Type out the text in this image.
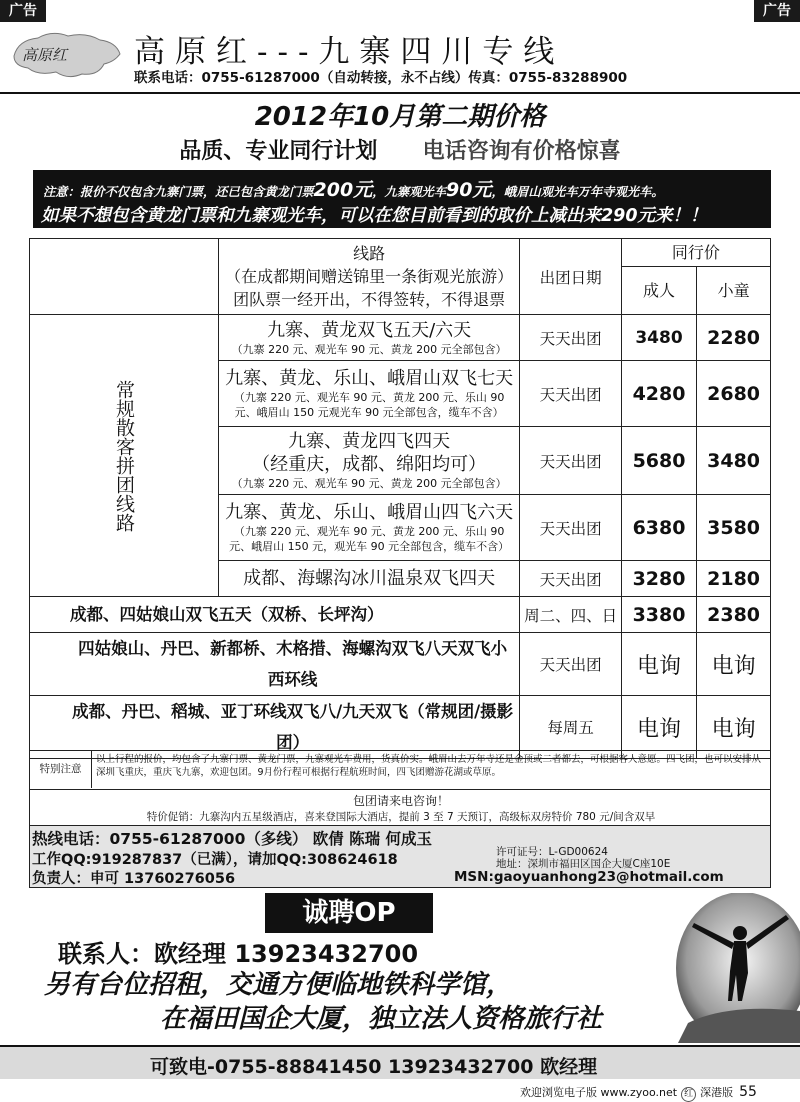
广告	广告
高原红 高原红---九寨四川专线
联系电话：0755-61287000（自动转接，永不占线）传真：0755-83288900
2012年10月第二期价格
品质、专业同行计划 电话咨询有价格惊喜
注意：报价不仅包含九寨门票，还已包含黄龙门票200元，九寨观光车90元，峨眉山观光车万年寺观光车。
如果不想包含黄龙门票和九寨观光车，可以在您目前看到的取价上减出来290元来！！

	线路
（在成都期间赠送锦里一条街观光旅游）
团队票一经开出，不得签转，不得退票	出团日期	同行价	
			成人	小童

常规散客拼团线路	九寨、黄龙双飞五天/六天
（九寨 220 元、观光车 90 元、黄龙 200 元全部包含）	天天出团	3480	2280

	九寨、黄龙、乐山、峨眉山双飞七天
（九寨 220 元、观光车 90 元、黄龙 200 元、乐山 90 元、峨眉山 150 元观光车 90 元全部包含，缆车不含）	天天出团	4280	2680

	九寨、黄龙四飞四天
（经重庆，成都、绵阳均可）
（九寨 220 元、观光车 90 元、黄龙 200 元全部包含）	天天出团	5680	3480

	九寨、黄龙、乐山、峨眉山四飞六天
（九寨 220 元、观光车 90 元、黄龙 200 元、乐山 90 元、峨眉山 150 元，观光车 90 元全部包含，缆车不含）	天天出团	6380	3580

	成都、海螺沟冰川温泉双飞四天	天天出团	3280	2180
成都、四姑娘山双飞五天（双桥、长坪沟）		周二、四、日	3380	2380
四姑娘山、丹巴、新都桥、木格措、海螺沟双飞八天双飞小西环线		天天出团	电询	电询
成都、丹巴、稻城、亚丁环线双飞八/九天双飞（常规团/摄影团）		每周五	电询	电询
特别注意
以上行程的报价，均包含了九寨门票、黄龙门票，九寨观光车费用，货真价实。峨眉山去万年寺还是金顶或二者都去，可根据客人意愿。四飞团，也可以安排从深圳飞重庆，重庆飞九寨，欢迎包团。9月份行程可根据行程航班时间，四飞团赠游花湖或草原。
包团请来电咨询！
特价促销：九寨沟内五星级酒店，喜来登国际大酒店，提前 3 至 7 天预订，高级标双房特价 780 元/间含双早
热线电话：0755-61287000（多线） 欧倩 陈瑞 何成玉
工作QQ:919287837（已满），请加QQ:308624618
负责人：申可 13760276056
许可证号：L-GD00624
地址：深圳市福田区国企大厦C座10E
MSN:gaoyuanhong23@hotmail.com
诚聘OP
联系人：欧经理 13923432700
另有台位招租，交通方便临地铁科学馆，
在福田国企大厦，独立法人资格旅行社
可致电-0755-88841450 13923432700 欧经理
欢迎浏览电子版 www.zyoo.net 红 深港版 55
